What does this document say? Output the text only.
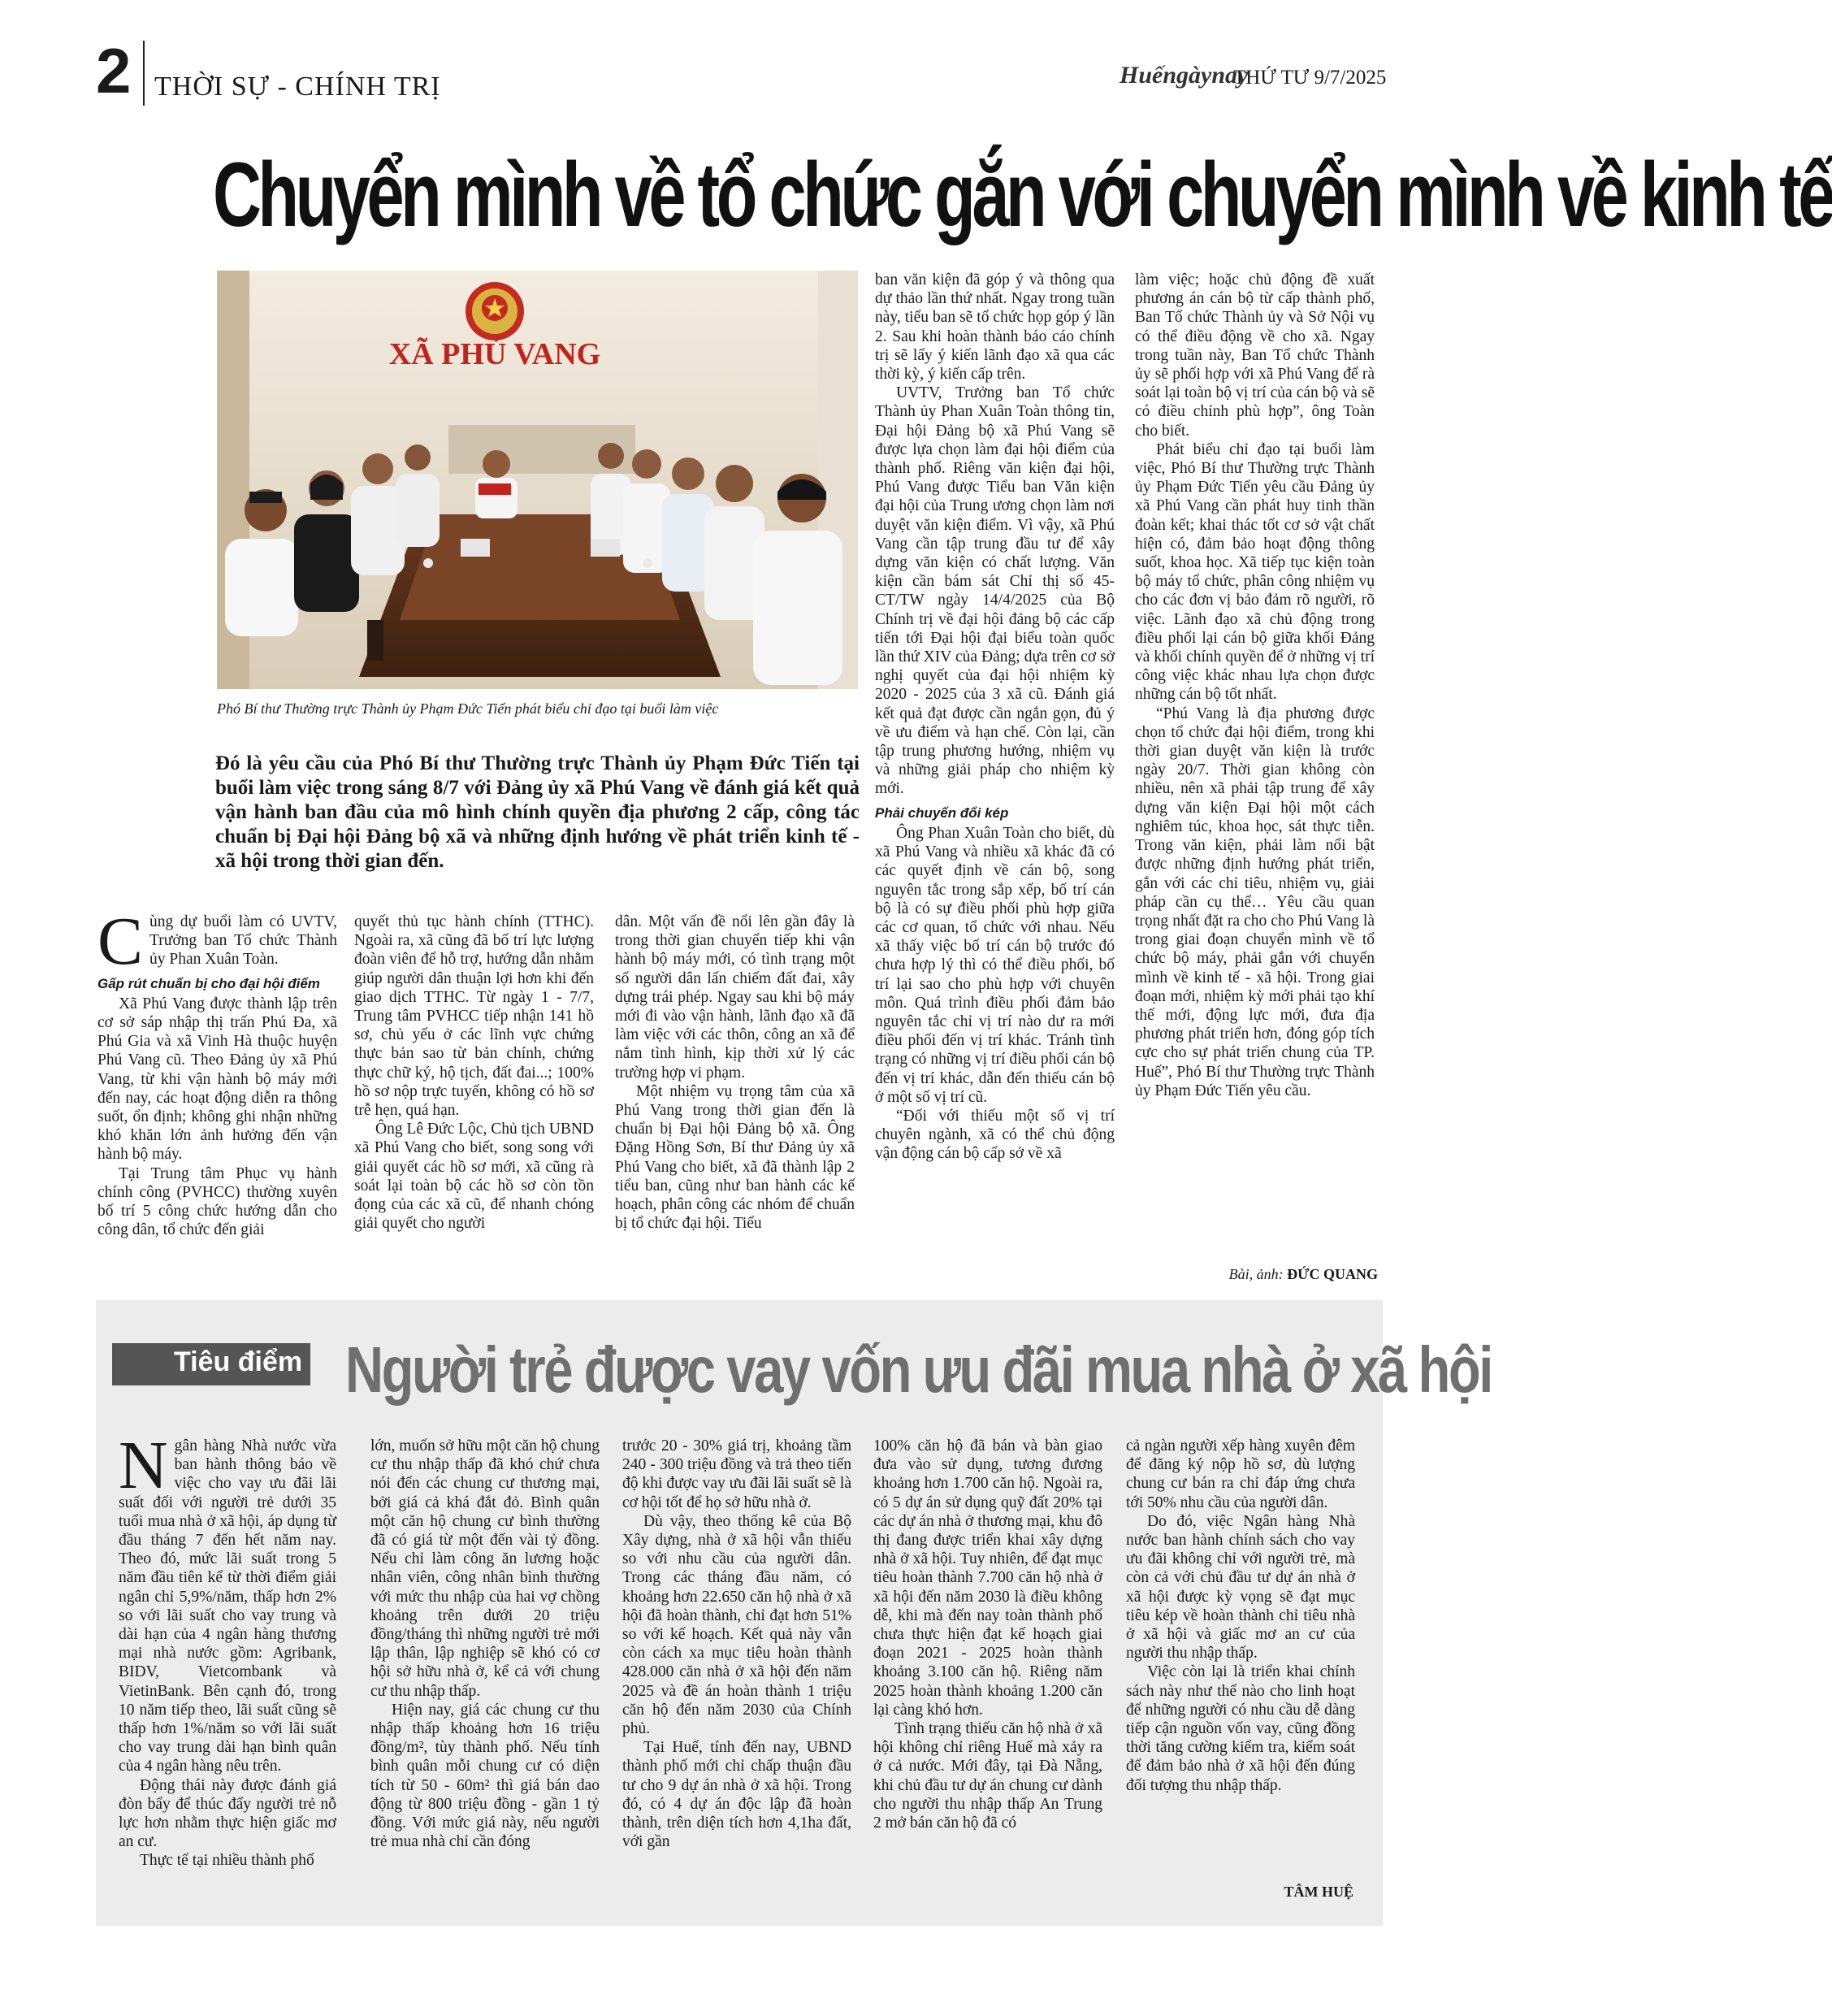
2 THỜI SỰ - CHÍNH TRỊ	Huếngàynay
THỨ TƯ 9/7/2025
Chuyển mình về tổ chức gắn với chuyển mình về kinh tế
XÃ PHÚ VANG
Phó Bí thư Thường trực Thành ủy Phạm Đức Tiến phát biểu chỉ đạo tại buổi làm việc
Đó là yêu cầu của Phó Bí thư Thường trực Thành ủy Phạm Đức Tiến tại buổi làm việc trong sáng 8/7 với Đảng ủy xã Phú Vang về đánh giá kết quả vận hành ban đầu của mô hình chính quyền địa phương 2 cấp, công tác chuẩn bị Đại hội Đảng bộ xã và những định hướng về phát triển kinh tế - xã hội trong thời gian đến.

Cùng dự buổi làm có UVTV, Trưởng ban Tổ chức Thành ủy Phan Xuân Toàn.

Gấp rút chuẩn bị cho đại hội điểm

Xã Phú Vang được thành lập trên cơ sở sáp nhập thị trấn Phú Đa, xã Phú Gia và xã Vinh Hà thuộc huyện Phú Vang cũ. Theo Đảng ủy xã Phú Vang, từ khi vận hành bộ máy mới đến nay, các hoạt động diễn ra thông suốt, ổn định; không ghi nhận những khó khăn lớn ảnh hưởng đến vận hành bộ máy.

Tại Trung tâm Phục vụ hành chính công (PVHCC) thường xuyên bố trí 5 công chức hướng dẫn cho công dân, tổ chức đến giải

quyết thủ tục hành chính (TTHC). Ngoài ra, xã cũng đã bố trí lực lượng đoàn viên để hỗ trợ, hướng dẫn nhằm giúp người dân thuận lợi hơn khi đến giao dịch TTHC. Từ ngày 1 - 7/7, Trung tâm PVHCC tiếp nhận 141 hồ sơ, chủ yếu ở các lĩnh vực chứng thực bản sao từ bản chính, chứng thực chữ ký, hộ tịch, đất đai...; 100% hồ sơ nộp trực tuyến, không có hồ sơ trễ hẹn, quá hạn.

Ông Lê Đức Lộc, Chủ tịch UBND xã Phú Vang cho biết, song song với giải quyết các hồ sơ mới, xã cũng rà soát lại toàn bộ các hồ sơ còn tồn đọng của các xã cũ, để nhanh chóng giải quyết cho người

dân. Một vấn đề nổi lên gần đây là trong thời gian chuyển tiếp khi vận hành bộ máy mới, có tình trạng một số người dân lấn chiếm đất đai, xây dựng trái phép. Ngay sau khi bộ máy mới đi vào vận hành, lãnh đạo xã đã làm việc với các thôn, công an xã để nắm tình hình, kịp thời xử lý các trường hợp vi phạm.

Một nhiệm vụ trọng tâm của xã Phú Vang trong thời gian đến là chuẩn bị Đại hội Đảng bộ xã. Ông Đặng Hồng Sơn, Bí thư Đảng ủy xã Phú Vang cho biết, xã đã thành lập 2 tiểu ban, cũng như ban hành các kế hoạch, phân công các nhóm để chuẩn bị tổ chức đại hội. Tiểu

ban văn kiện đã góp ý và thông qua dự thảo lần thứ nhất. Ngay trong tuần này, tiểu ban sẽ tổ chức họp góp ý lần 2. Sau khi hoàn thành báo cáo chính trị sẽ lấy ý kiến lãnh đạo xã qua các thời kỳ, ý kiến cấp trên.

UVTV, Trưởng ban Tổ chức Thành ủy Phan Xuân Toàn thông tin, Đại hội Đảng bộ xã Phú Vang sẽ được lựa chọn làm đại hội điểm của thành phố. Riêng văn kiện đại hội, Phú Vang được Tiểu ban Văn kiện đại hội của Trung ương chọn làm nơi duyệt văn kiện điểm. Vì vậy, xã Phú Vang cần tập trung đầu tư để xây dựng văn kiện có chất lượng. Văn kiện cần bám sát Chỉ thị số 45-CT/TW ngày 14/4/2025 của Bộ Chính trị về đại hội đảng bộ các cấp tiến tới Đại hội đại biểu toàn quốc lần thứ XIV của Đảng; dựa trên cơ sở nghị quyết của đại hội nhiệm kỳ 2020 - 2025 của 3 xã cũ. Đánh giá kết quả đạt được cần ngắn gọn, đủ ý về ưu điểm và hạn chế. Còn lại, cần tập trung phương hướng, nhiệm vụ và những giải pháp cho nhiệm kỳ mới.

Phải chuyển đổi kép

Ông Phan Xuân Toàn cho biết, dù xã Phú Vang và nhiều xã khác đã có các quyết định về cán bộ, song nguyên tắc trong sắp xếp, bố trí cán bộ là có sự điều phối phù hợp giữa các cơ quan, tổ chức với nhau. Nếu xã thấy việc bố trí cán bộ trước đó chưa hợp lý thì có thể điều phối, bố trí lại sao cho phù hợp với chuyên môn. Quá trình điều phối đảm bảo nguyên tắc chỉ vị trí nào dư ra mới điều phối đến vị trí khác. Tránh tình trạng có những vị trí điều phối cán bộ đến vị trí khác, dẫn đến thiếu cán bộ ở một số vị trí cũ.

“Đối với thiếu một số vị trí chuyên ngành, xã có thể chủ động vận động cán bộ cấp sở về xã

làm việc; hoặc chủ động đề xuất phương án cán bộ từ cấp thành phố, Ban Tổ chức Thành ủy và Sở Nội vụ có thể điều động về cho xã. Ngay trong tuần này, Ban Tổ chức Thành ủy sẽ phối hợp với xã Phú Vang để rà soát lại toàn bộ vị trí của cán bộ và sẽ có điều chỉnh phù hợp”, ông Toàn cho biết.

Phát biểu chỉ đạo tại buổi làm việc, Phó Bí thư Thường trực Thành ủy Phạm Đức Tiến yêu cầu Đảng ủy xã Phú Vang cần phát huy tinh thần đoàn kết; khai thác tốt cơ sở vật chất hiện có, đảm bảo hoạt động thông suốt, khoa học. Xã tiếp tục kiện toàn bộ máy tổ chức, phân công nhiệm vụ cho các đơn vị bảo đảm rõ người, rõ việc. Lãnh đạo xã chủ động trong điều phối lại cán bộ giữa khối Đảng và khối chính quyền để ở những vị trí công việc khác nhau lựa chọn được những cán bộ tốt nhất.

“Phú Vang là địa phương được chọn tổ chức đại hội điểm, trong khi thời gian duyệt văn kiện là trước ngày 20/7. Thời gian không còn nhiều, nên xã phải tập trung để xây dựng văn kiện Đại hội một cách nghiêm túc, khoa học, sát thực tiễn. Trong văn kiện, phải làm nổi bật được những định hướng phát triển, gắn với các chỉ tiêu, nhiệm vụ, giải pháp cần cụ thể… Yêu cầu quan trọng nhất đặt ra cho cho Phú Vang là trong giai đoạn chuyển mình về tổ chức bộ máy, phải gắn với chuyển mình về kinh tế - xã hội. Trong giai đoạn mới, nhiệm kỳ mới phải tạo khí thế mới, động lực mới, đưa địa phương phát triển hơn, đóng góp tích cực cho sự phát triển chung của TP. Huế”, Phó Bí thư Thường trực Thành ủy Phạm Đức Tiến yêu cầu.

Bài, ảnh: ĐỨC QUANG
Tiêu điểm Người trẻ được vay vốn ưu đãi mua nhà ở xã hội

Ngân hàng Nhà nước vừa ban hành thông báo về việc cho vay ưu đãi lãi suất đối với người trẻ dưới 35 tuổi mua nhà ở xã hội, áp dụng từ đầu tháng 7 đến hết năm nay. Theo đó, mức lãi suất trong 5 năm đầu tiên kể từ thời điểm giải ngân chỉ 5,9%/năm, thấp hơn 2% so với lãi suất cho vay trung và dài hạn của 4 ngân hàng thương mại nhà nước gồm: Agribank, BIDV, Vietcombank và VietinBank. Bên cạnh đó, trong 10 năm tiếp theo, lãi suất cũng sẽ thấp hơn 1%/năm so với lãi suất cho vay trung dài hạn bình quân của 4 ngân hàng nêu trên.

Động thái này được đánh giá đòn bẩy để thúc đẩy người trẻ nỗ lực hơn nhằm thực hiện giấc mơ an cư.

Thực tế tại nhiều thành phố

lớn, muốn sở hữu một căn hộ chung cư thu nhập thấp đã khó chứ chưa nói đến các chung cư thương mại, bởi giá cả khá đắt đỏ. Bình quân một căn hộ chung cư bình thường đã có giá từ một đến vài tỷ đồng. Nếu chỉ làm công ăn lương hoặc nhân viên, công nhân bình thường với mức thu nhập của hai vợ chồng khoảng trên dưới 20 triệu đồng/tháng thì những người trẻ mới lập thân, lập nghiệp sẽ khó có cơ hội sở hữu nhà ở, kể cả với chung cư thu nhập thấp.

Hiện nay, giá các chung cư thu nhập thấp khoảng hơn 16 triệu đồng/m², tùy thành phố. Nếu tính bình quân mỗi chung cư có diện tích từ 50 - 60m² thì giá bán dao động từ 800 triệu đồng - gần 1 tỷ đồng. Với mức giá này, nếu người trẻ mua nhà chỉ cần đóng

trước 20 - 30% giá trị, khoảng tầm 240 - 300 triệu đồng và trả theo tiến độ khi được vay ưu đãi lãi suất sẽ là cơ hội tốt để họ sở hữu nhà ở.

Dù vậy, theo thống kê của Bộ Xây dựng, nhà ở xã hội vẫn thiếu so với nhu cầu của người dân. Trong các tháng đầu năm, có khoảng hơn 22.650 căn hộ nhà ở xã hội đã hoàn thành, chỉ đạt hơn 51% so với kế hoạch. Kết quả này vẫn còn cách xa mục tiêu hoàn thành 428.000 căn nhà ở xã hội đến năm 2025 và đề án hoàn thành 1 triệu căn hộ đến năm 2030 của Chính phủ.

Tại Huế, tính đến nay, UBND thành phố mới chỉ chấp thuận đầu tư cho 9 dự án nhà ở xã hội. Trong đó, có 4 dự án độc lập đã hoàn thành, trên diện tích hơn 4,1ha đất, với gần

100% căn hộ đã bán và bàn giao đưa vào sử dụng, tương đương khoảng hơn 1.700 căn hộ. Ngoài ra, có 5 dự án sử dụng quỹ đất 20% tại các dự án nhà ở thương mại, khu đô thị đang được triển khai xây dựng nhà ở xã hội. Tuy nhiên, để đạt mục tiêu hoàn thành 7.700 căn hộ nhà ở xã hội đến năm 2030 là điều không dễ, khi mà đến nay toàn thành phố chưa thực hiện đạt kế hoạch giai đoạn 2021 - 2025 hoàn thành khoảng 3.100 căn hộ. Riêng năm 2025 hoàn thành khoảng 1.200 căn lại càng khó hơn.

Tình trạng thiếu căn hộ nhà ở xã hội không chỉ riêng Huế mà xảy ra ở cả nước. Mới đây, tại Đà Nẵng, khi chủ đầu tư dự án chung cư dành cho người thu nhập thấp An Trung 2 mở bán căn hộ đã có

cả ngàn người xếp hàng xuyên đêm để đăng ký nộp hồ sơ, dù lượng chung cư bán ra chỉ đáp ứng chưa tới 50% nhu cầu của người dân.

Do đó, việc Ngân hàng Nhà nước ban hành chính sách cho vay ưu đãi không chỉ với người trẻ, mà còn cả với chủ đầu tư dự án nhà ở xã hội được kỳ vọng sẽ đạt mục tiêu kép về hoàn thành chỉ tiêu nhà ở xã hội và giấc mơ an cư của người thu nhập thấp.

Việc còn lại là triển khai chính sách này như thế nào cho linh hoạt để những người có nhu cầu dễ dàng tiếp cận nguồn vốn vay, cũng đồng thời tăng cường kiểm tra, kiểm soát để đảm bảo nhà ở xã hội đến đúng đối tượng thu nhập thấp.

TÂM HUỆ
